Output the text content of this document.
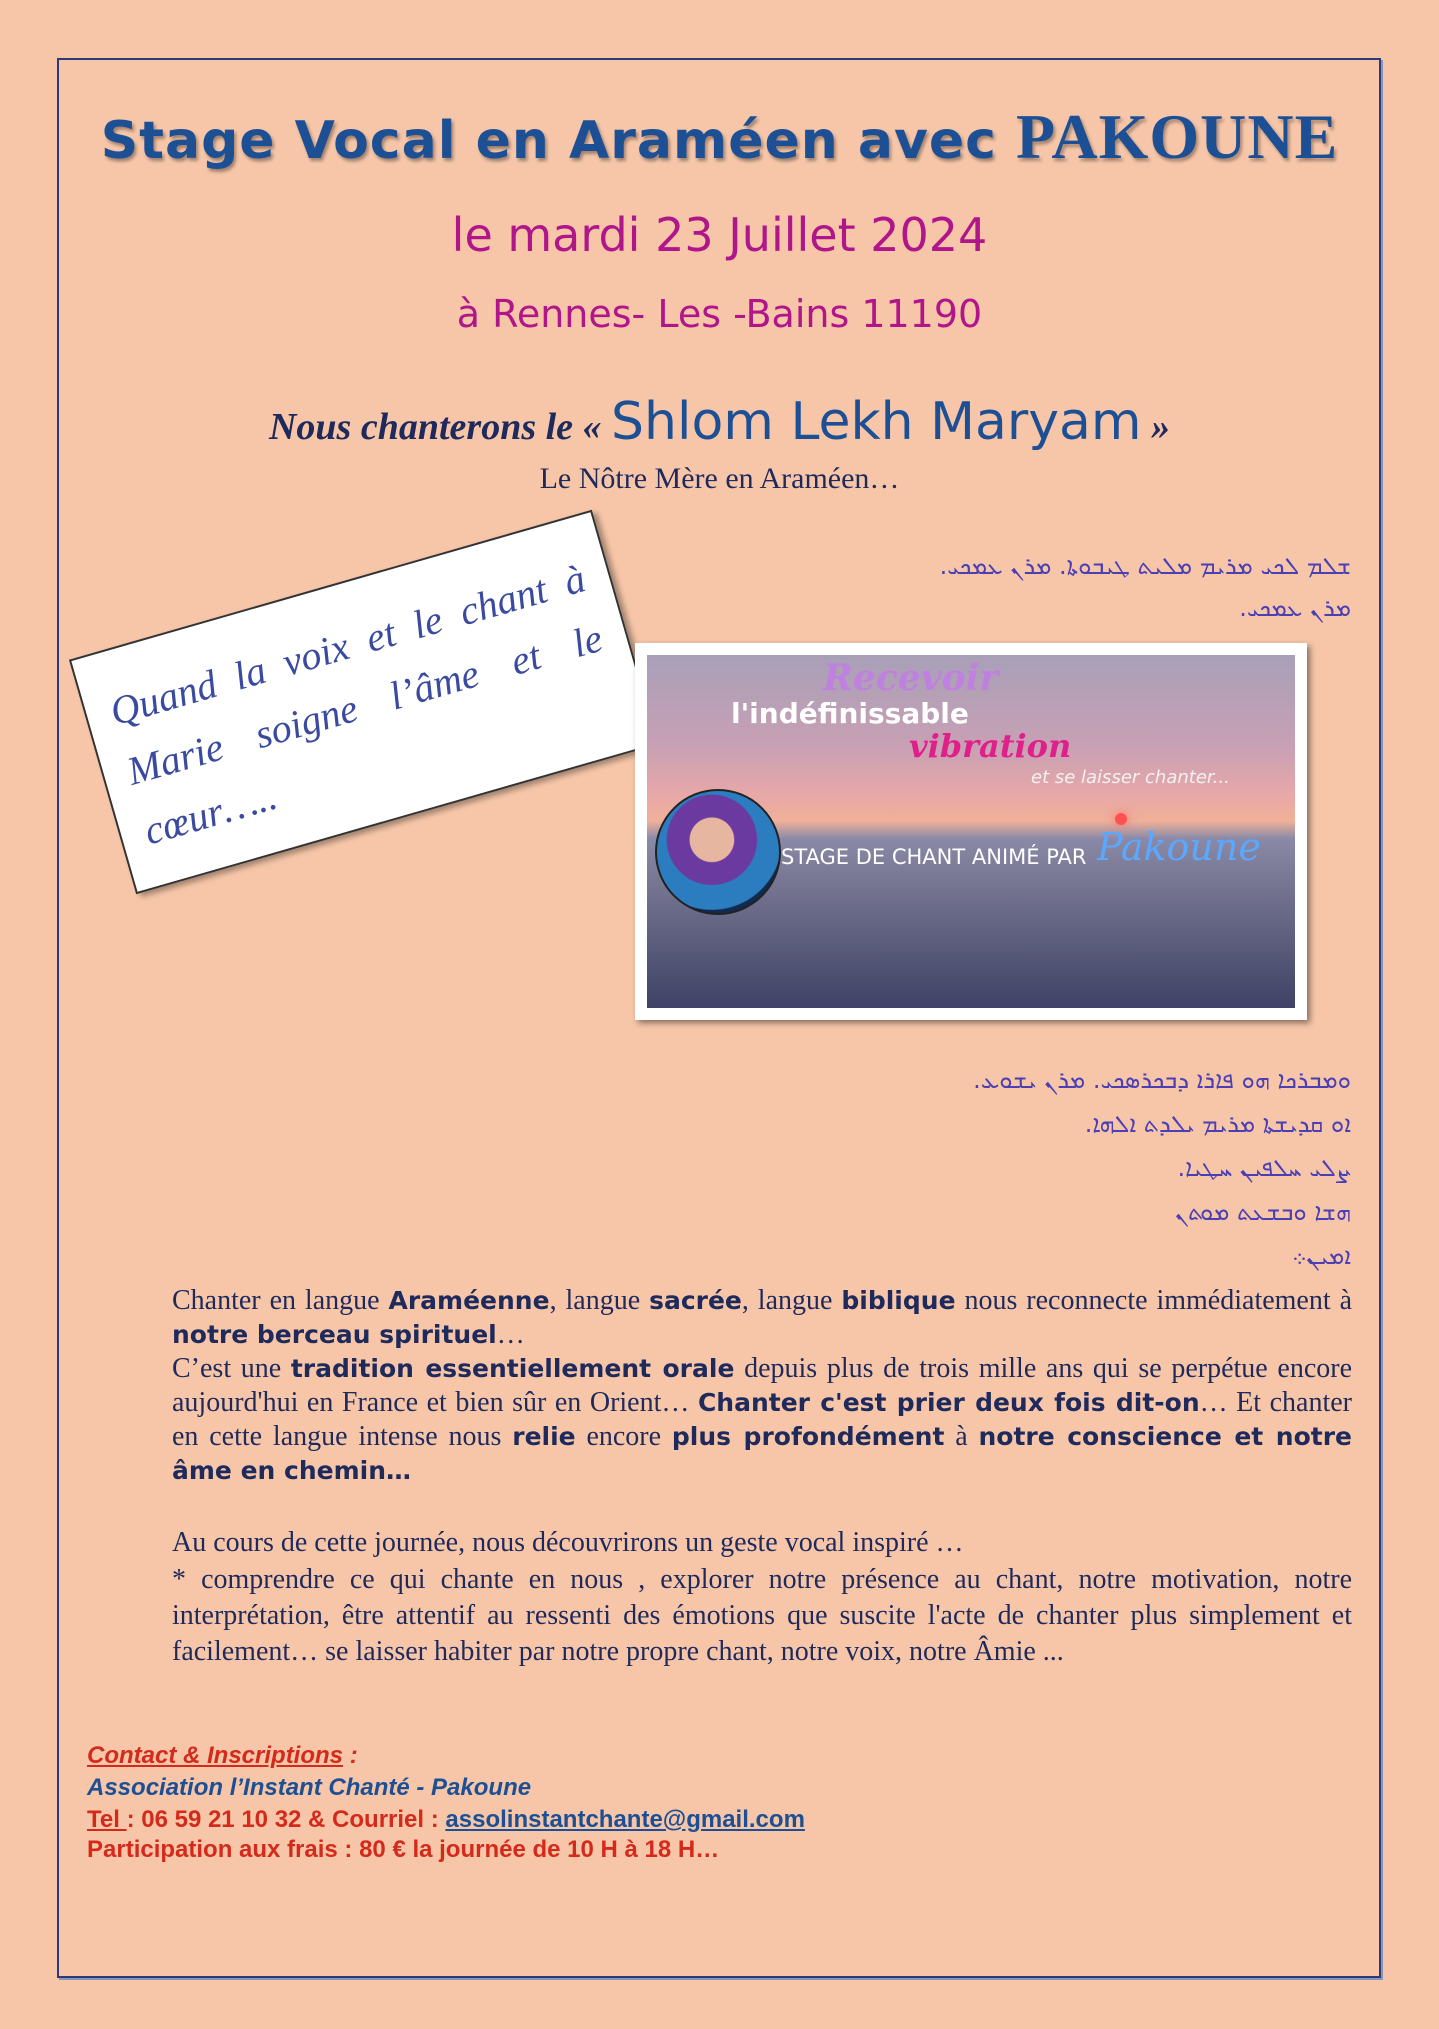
Stage Vocal en Araméen avec PAKOUNE
le mardi 23 Juillet 2024
à Rennes- Les -Bains 11190
Nous chanterons le « Shlom Lekh Maryam »
Le Nôtre Mère en Araméen…
ܫܠܡ ܠܟܝ ܡܪܝܡ ܡܠܝܬ ܛܝܒܘܬܐ. ܡܪܢ ܥܡܟܝ.
ܡܪܢ ܥܡܟܝ.

Quand la voix et le chant à Marie soigne l’âme et le cœur…..

Recevoir
l'indéfinissable
vibration
et se laisser chanter...
STAGE DE CHANT ANIMÉ PAR Pakoune
ܘܡܒܪܟܐ ܗܘ ܦܐܪܐ ܕܒܟܪܣܟܝ. ܡܪܢ ܝܫܘܥ.
ܐܘ ܩܕܝܫܬܐ ܡܪܝܡ ܝܠܕܬ ܐܠܗܐ.
ܨܠܝ ܚܠܦܝܢ ܚܛܝܐ.
ܗܫܐ ܘܒܫܥܬ ܡܘܬܢ
ܐܡܝܢ܀
Chanter en langue Araméenne, langue sacrée, langue biblique nous reconnecte immédiatement à notre berceau spirituel…
C’est une tradition essentiellement orale depuis plus de trois mille ans qui se perpétue encore aujourd'hui en France et bien sûr en Orient… Chanter c'est prier deux fois dit-on… Et chanter en cette langue intense nous relie encore plus profondément à notre conscience et notre âme en chemin…
Au cours de cette journée, nous découvrirons un geste vocal inspiré …
* comprendre ce qui chante en nous , explorer notre présence au chant, notre motivation, notre interprétation, être attentif au ressenti des émotions que suscite l'acte de chanter plus simplement et facilement… se laisser habiter par notre propre chant, notre voix, notre Âmie ...
Contact & Inscriptions :
Association l’Instant Chanté - Pakoune
Tel : 06 59 21 10 32 & Courriel : assolinstantchante@gmail.com
Participation aux frais : 80 € la journée de 10 H à 18 H…
